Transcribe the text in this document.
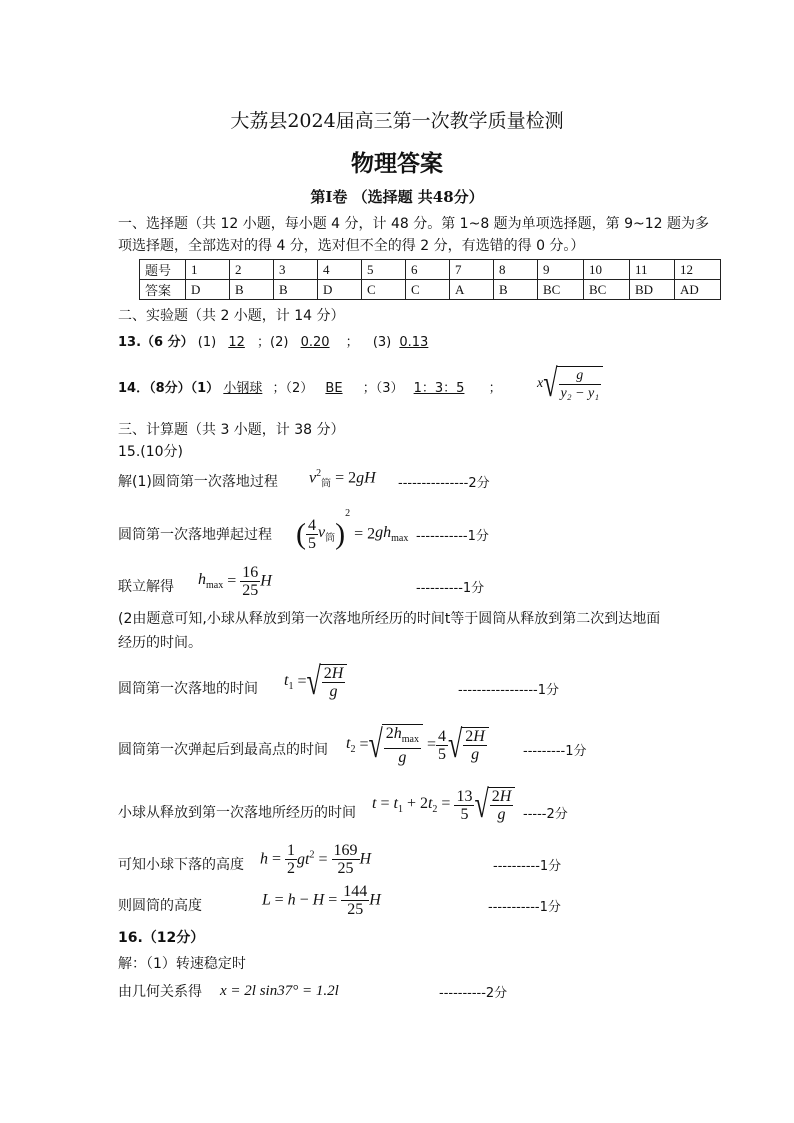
大荔县2024届高三第一次教学质量检测
物理答案
第Ⅰ卷 （选择题 共48分）
一、选择题（共 12 小题，每小题 4 分，计 48 分。第 1~8 题为单项选择题，第 9~12 题为多
项选择题，全部选对的得 4 分，选对但不全的得 2 分，有选错的得 0 分。）
题号	1	2	3	4	5	6	7	8	9	10	11	12
答案	D	B	B	D	C	C	A	B	BC	BC	BD	AD
二、实验题（共 2 小题，计 14 分）
13.（6 分） (1) 12 ；(2) 0.20 ； (3) 0.13
14．（8分）（1） 小钢球 ；（2） BE ；（3） 1：3：5 ；	$x√ \frac{g}{\text{y₂ − y₁}}$
三、计算题（共 3 小题，计 38 分）
15.(10分)
解(1)圆筒第一次落地过程 $v^2_筒 = 2gH$ ---------------2分
圆筒第一次落地弹起过程 ( $\frac{4}{5} v_筒)^2 = 2gh_{max}$ -----------1分
联立解得 $h_{max} = \frac{16}{25}$ H	----------1分
(2由题意可知,小球从释放到第一次落地所经历的时间t等于圆筒从释放到第二次到达地面
经历的时间。
圆筒第一次落地的时间
$t_1$ =√ $\frac{2H}{g}$	-----------------1分
圆筒第一次弹起后到最高点的时间 $t_2$ =√ $\frac{2h_{max}}{g} = \frac{4}{5}$ √ $\frac{2H}{g}$	---------1分
小球从释放到第一次落地所经历的时间
$t = t_1 + 2t_2 = \frac{13}{5}$ √ $\frac{2H}{g} -----2$分
可知小球下落的高度 $h = \frac{1}{2} gt^2 = \frac{169}{25}$ H	----------1分
则圆筒的高度	$L = h - H = \frac{144}{25}$ H	-----------1分
16.（12分）
解：（1）转速稳定时
由几何关系得 x = 2l sin37° = 1.2l	----------2分
